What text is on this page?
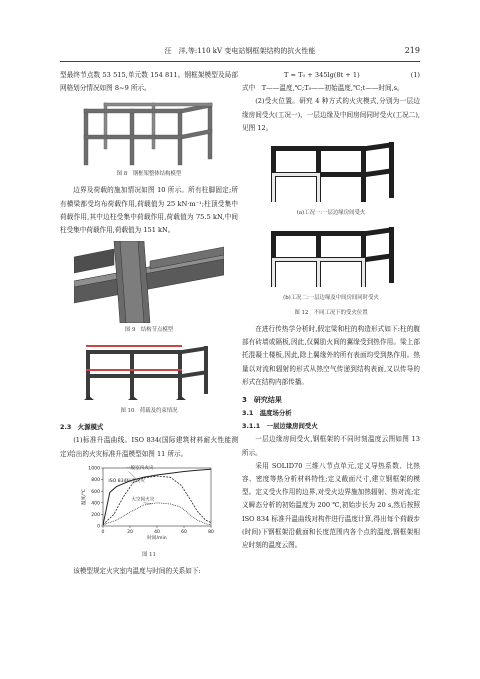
汪　洋,等:110 kV 变电站钢框架结构的抗火性能	219
型最终节点数 53 515,单元数 154 811。钢框架模型及局部网格划分情况如图 8~9 所示。
图 8　钢框架整体结构模型
边界及荷载的施加情况如图 10 所示。所有柱脚固定;所有横梁都受均布荷载作用,荷载值为 25 kN·m⁻¹;柱顶受集中荷载作用,其中边柱受集中荷载作用,荷载值为 75.5 kN,中间柱受集中荷载作用,荷载值为 151 kN。
图 9　结构节点模型
图 10　荷载及约束情况
2.3　火源模式
(1)标准升温曲线。ISO 834(国际建筑材料耐火性能测定)给出的火灾标准升温模型如图 11 所示。
0
200
400
600
800
1000
0	20	40	60	80
时间/min
温度/℃
一般室内火灾
ISO 834标准火灾
大空间火灾
图 11
该模型规定火灾室内温度与时间的关系如下:
T = T₀ + 345lg(8t + 1)	(1)
式中　T——温度,℃;T₀——初始温度,℃;t——时间,s。
(2)受火位置。研究 4 种方式的火灾模式,分别为一层边缘房间受火(工况一)、一层边缘及中间房间同时受火(工况二),见图 12。
(a)工况一:一层边缘房间受火
(b)工况二:一层边缘及中间房间同时受火
图 12　不同工况下的受火位置
在进行传热学分析时,假定梁和柱的构造形式如下:柱的腹部有砖墙或隔板,因此,仅翼肋火间的翼缘受到热作用。梁上部托混凝土楼板,因此,除上翼缘外的所有表面均受到热作用。热量以对流和辐射的形式从热空气传递到结构表面,又以传导的形式在结构内部传播。
3　研究结果
3.1　温度场分析
3.1.1　一层边缘房间受火
一层边缘房间受火,钢框架的不同时刻温度云图如图 13 所示。
采用 SOLID70 三维八节点单元,定义导热系数、比热容、密度等热分析材料特性;定义截面尺寸,建立钢框架的模型。定义受火作用的边界,对受火边界施加热辐射、热对流;定义瞬态分析的初始温度为 200 ℃,初始步长为 20 s,然后按照 ISO 834 标准升温曲线对构件进行温度计算,得出每个荷载步(时间)下钢框架沿截面和长度范围内各个点的温度,钢框架相应时刻的温度云图。
